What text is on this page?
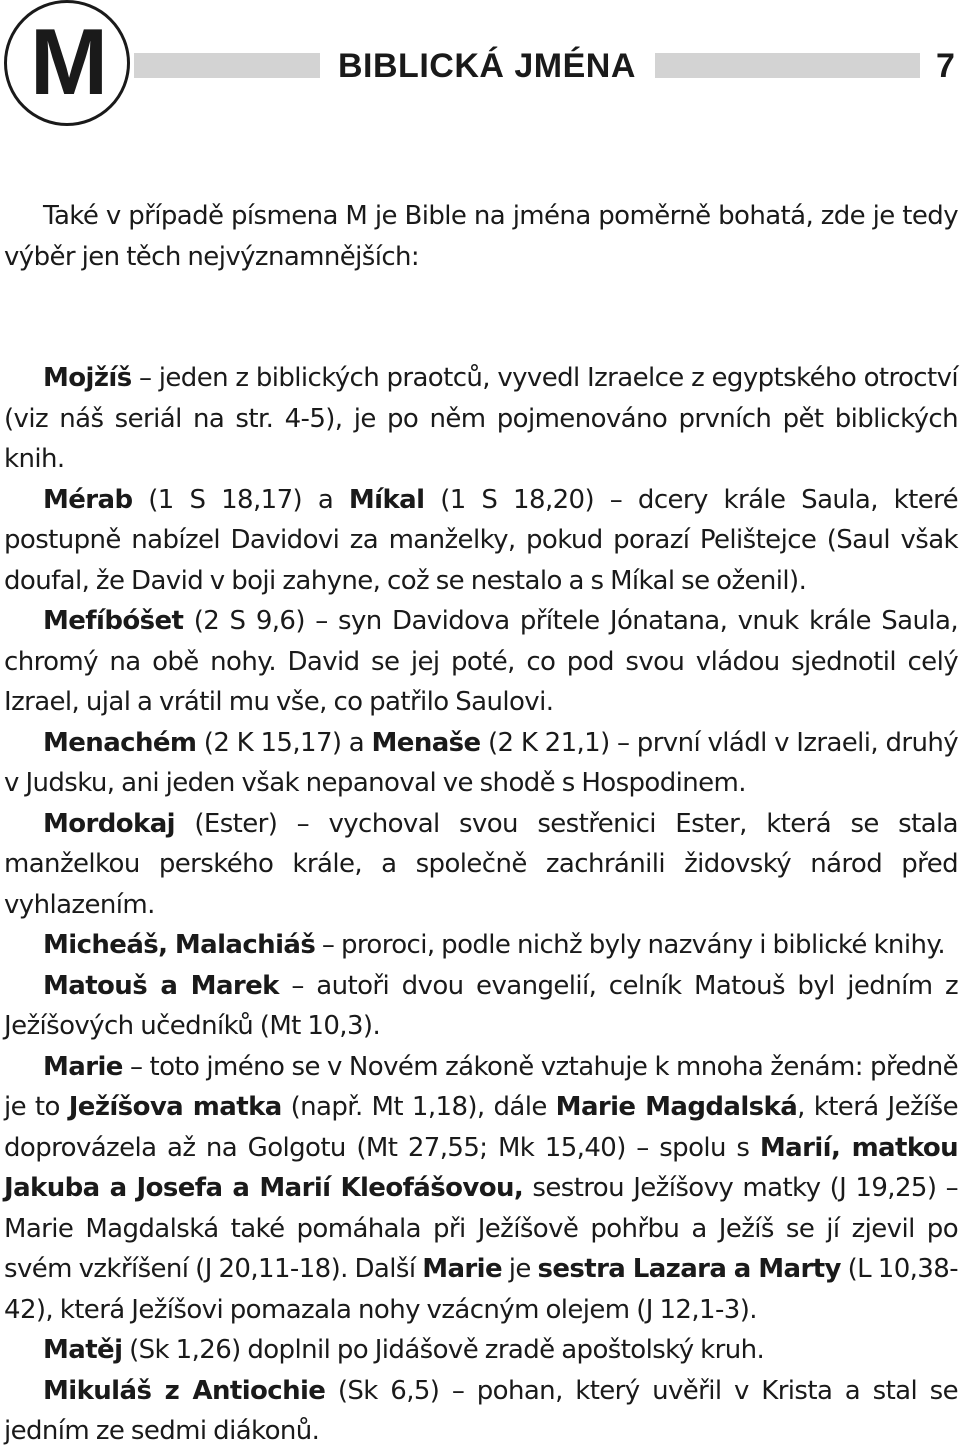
M	BIBLICKÁ JMÉNA	7

Také v případě písmena M je Bible na jména poměrně bohatá, zde je tedy výběr jen těch nejvýznamnějších:

Mojžíš – jeden z biblických praotců, vyvedl Izraelce z egyptského otroctví (viz náš seriál na str. 4-5), je po něm pojmenováno prvních pět biblických knih.

Mérab (1 S 18,17) a Míkal (1 S 18,20) – dcery krále Saula, které postupně nabízel Davidovi za manželky, pokud porazí Pelištejce (Saul však doufal, že David v boji zahyne, což se nestalo a s Míkal se oženil).

Mefíbóšet (2 S 9,6) – syn Davidova přítele Jónatana, vnuk krále Saula, chromý na obě nohy. David se jej poté, co pod svou vládou sjednotil celý Izrael, ujal a vrátil mu vše, co patřilo Saulovi.

Menachém (2 K 15,17) a Menaše (2 K 21,1) – první vládl v Izraeli, druhý v Judsku, ani jeden však nepanoval ve shodě s Hospodinem.

Mordokaj (Ester) – vychoval svou sestřenici Ester, která se stala manželkou perského krále, a společně zachránili židovský národ před vyhlazením.

Micheáš, Malachiáš – proroci, podle nichž byly nazvány i biblické knihy.

Matouš a Marek – autoři dvou evangelií, celník Matouš byl jedním z Ježíšových učedníků (Mt 10,3).

Marie – toto jméno se v Novém zákoně vztahuje k mnoha ženám: předně je to Ježíšova matka (např. Mt 1,18), dále Marie Magdalská, která Ježíše doprovázela až na Golgotu (Mt 27,55; Mk 15,40) – spolu s Marií, matkou Jakuba a Josefa a Marií Kleofášovou, sestrou Ježíšovy matky (J 19,25) – Marie Magdalská také pomáhala při Ježíšově pohřbu a Ježíš se jí zjevil po svém vzkříšení (J 20,11-18). Další Marie je sestra Lazara a Marty (L 10,38-42), která Ježíšovi pomazala nohy vzácným olejem (J 12,1-3).

Matěj (Sk 1,26) doplnil po Jidášově zradě apoštolský kruh.

Mikuláš z Antiochie (Sk 6,5) – pohan, který uvěřil v Krista a stal se jedním ze sedmi diákonů.
